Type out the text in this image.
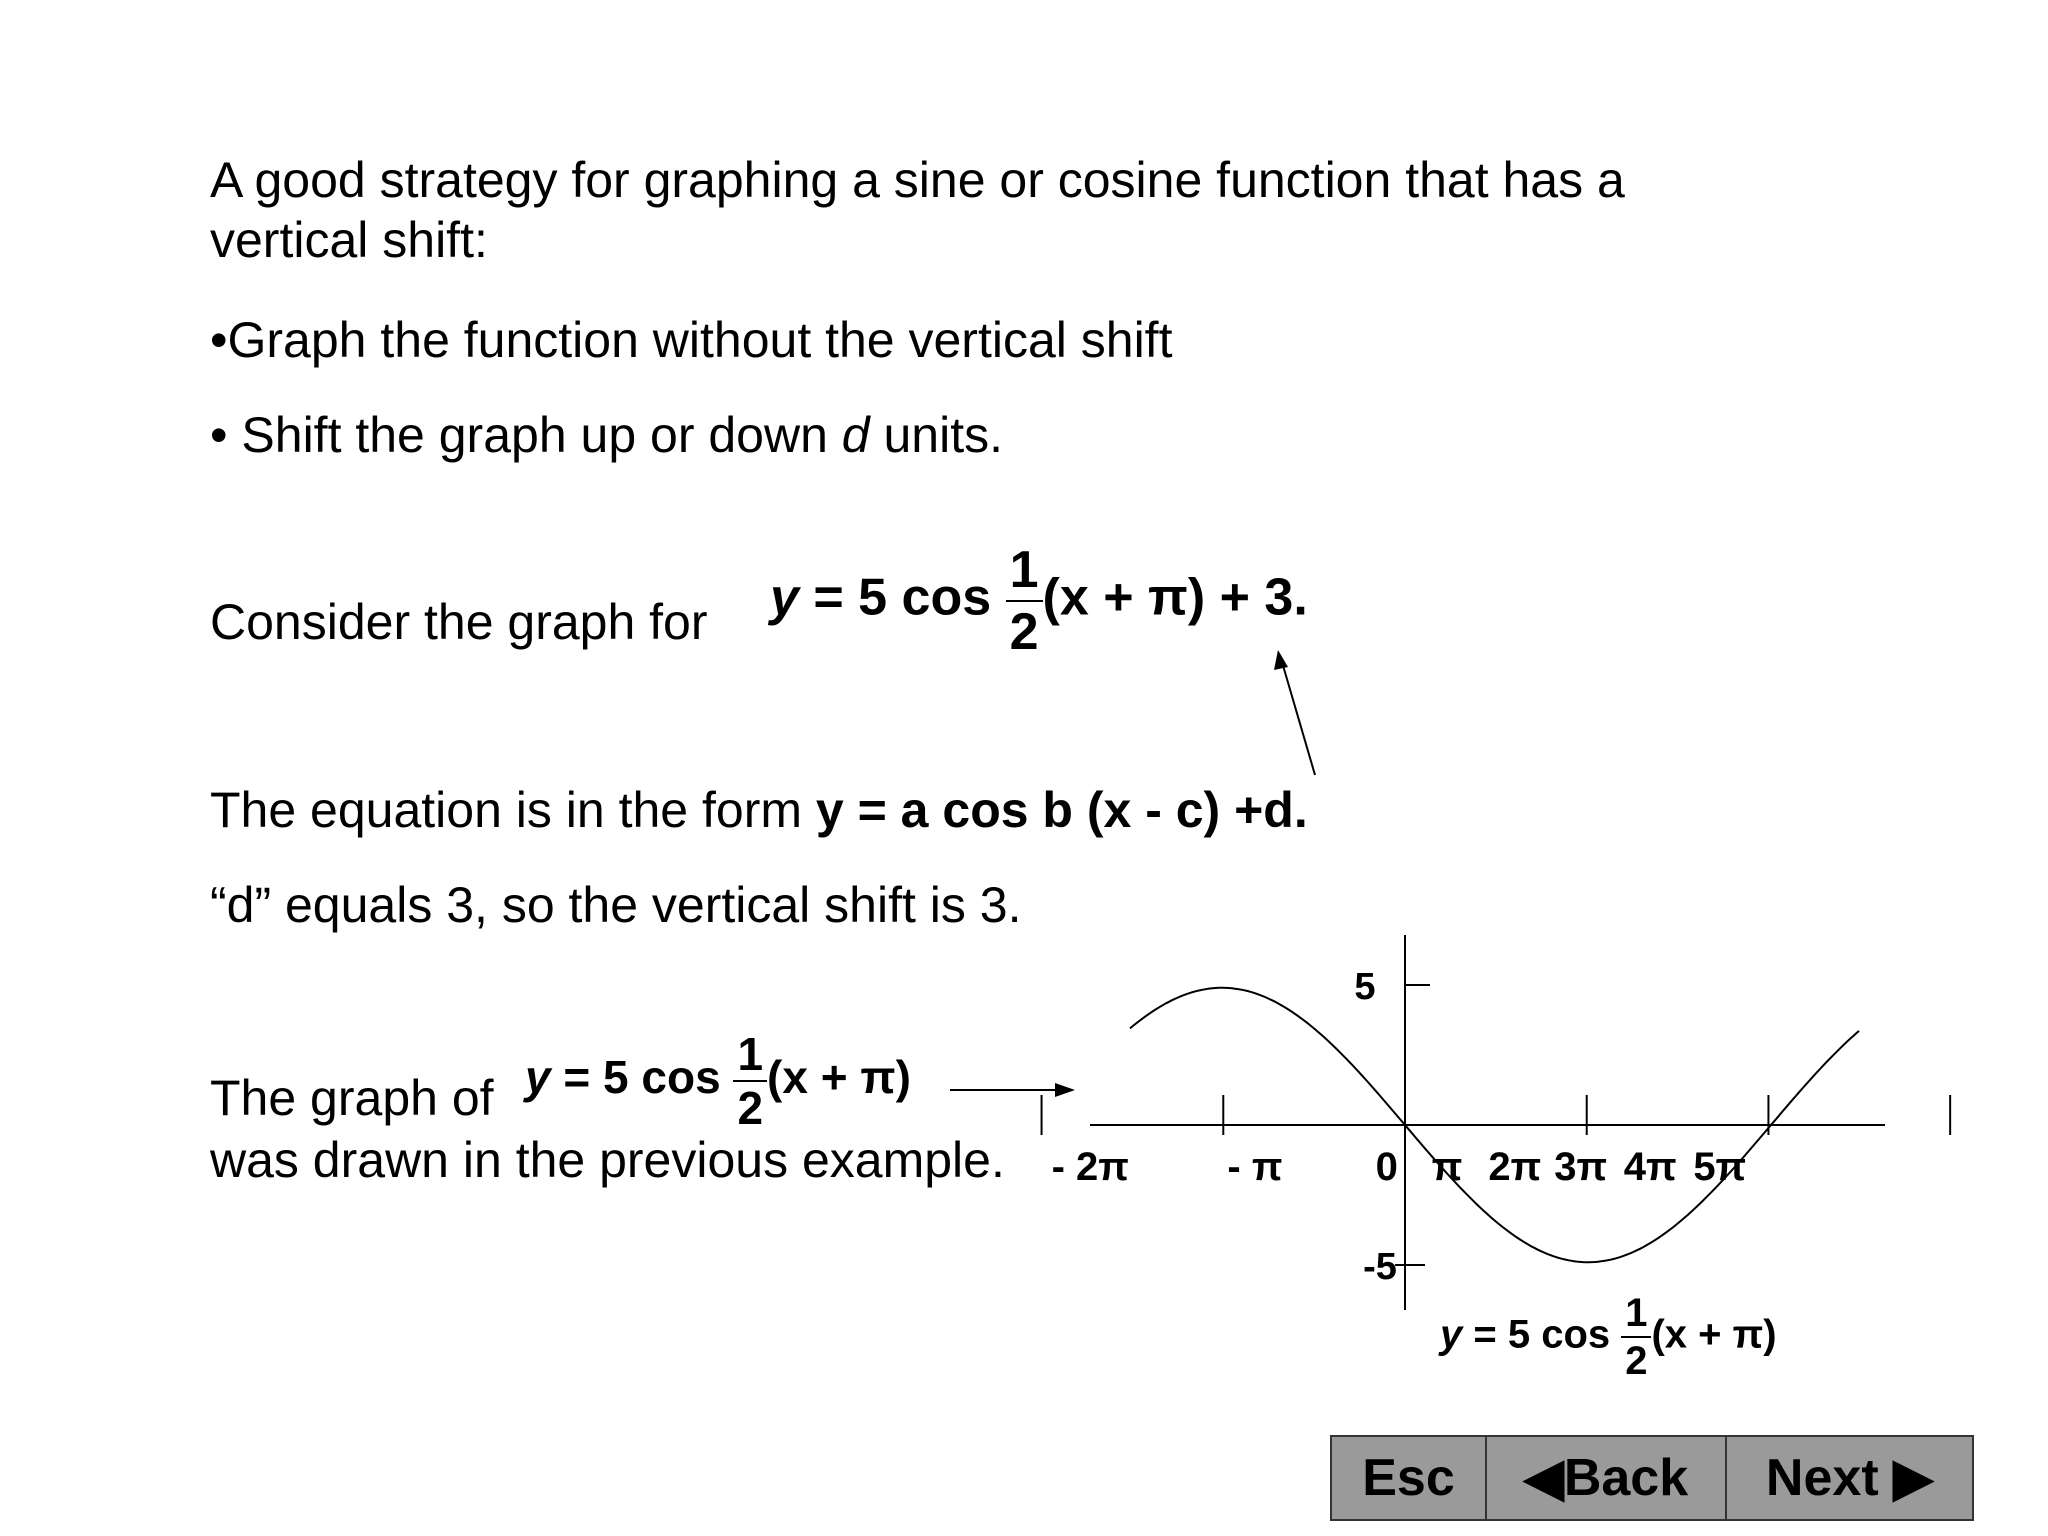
A good strategy for graphing a sine or cosine function that has a
vertical shift:
•Graph the function without the vertical shift
• Shift the graph up or down d units.
Consider the graph for y = 5 $\cos \frac{1}{2} (x + \pi) + 3$.
The equation is in the form y = a cos b (x - c) +d.
“d” equals 3, so the vertical shift is 3.
The graph of y = 5 $\cos \frac{1}{2} (x + \pi)$
was drawn in the previous example. - 2π - π 0 π 2π 3π 4π 5π
5
-5
y = 5 $\cos \frac{1}{2} (x + \pi)$
Esc	◀Back	Next ▶
